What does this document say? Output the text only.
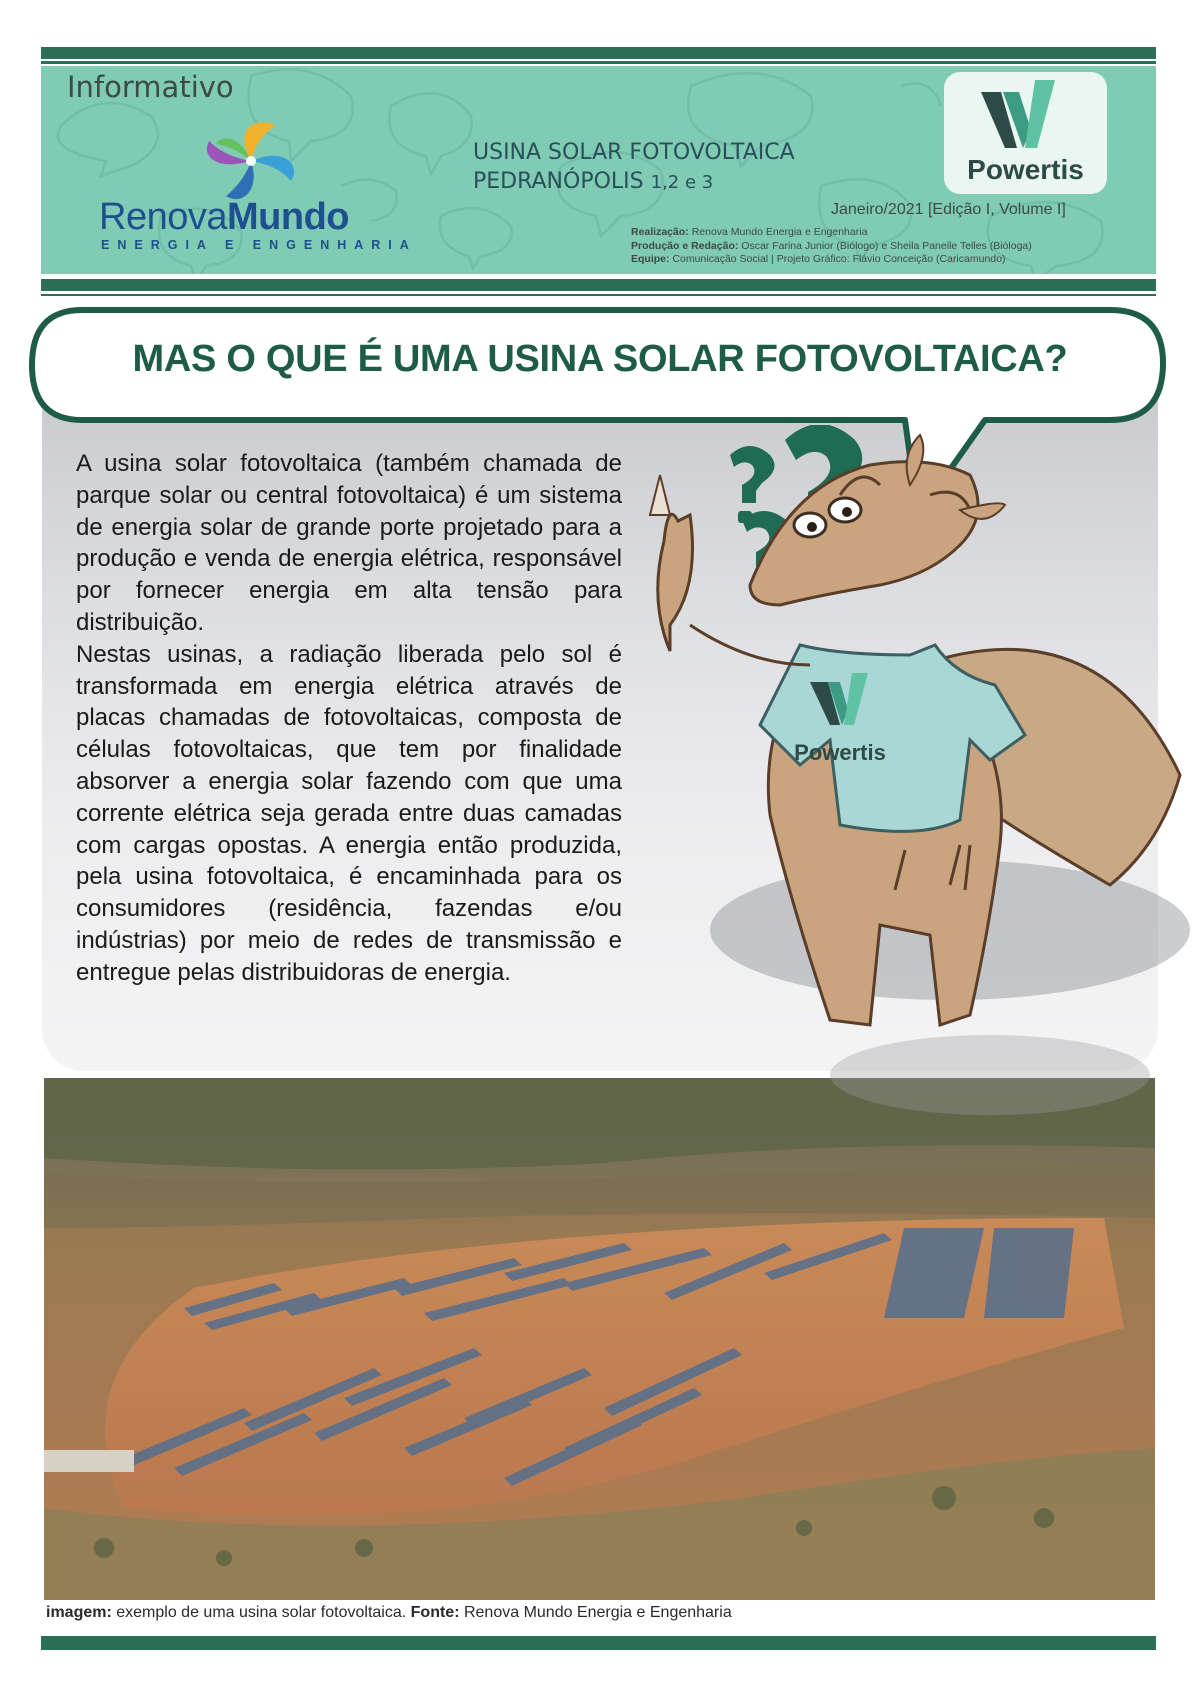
Informativo
RenovaMundo
ENERGIA E ENGENHARIA
USINA SOLAR FOTOVOLTAICA
PEDRANÓPOLIS 1,2 e 3	Powertis
Janeiro/2021 [Edição I, Volume I]
Realização: Renova Mundo Energia e Engenharia
Produção e Redação: Oscar Farina Junior (Biólogo) e Sheila Panelle Telles (Bióloga)
Equipe: Comunicação Social | Projeto Gráfico: Flávio Conceição (Caricamundo)
MAS O QUE É UMA USINA SOLAR FOTOVOLTAICA?

A usina solar fotovoltaica (também chamada de parque solar ou central fotovoltaica) é um sistema de energia solar de grande porte projetado para a produção e venda de energia elétrica, responsável por fornecer energia em alta tensão para distribuição.

Nestas usinas, a radiação liberada pelo sol é transformada em energia elétrica através de placas chamadas de fotovoltaicas, composta de células fotovoltaicas, que tem por finalidade absorver a energia solar fazendo com que uma corrente elétrica seja gerada entre duas camadas com cargas opostas. A energia então produzida, pela usina fotovoltaica, é encaminhada para os consumidores (residência, fazendas e/ou indústrias) por meio de redes de transmissão e entregue pelas distribuidoras de energia.

Powertis
imagem: exemplo de uma usina solar fotovoltaica. Fonte: Renova Mundo Energia e Engenharia
